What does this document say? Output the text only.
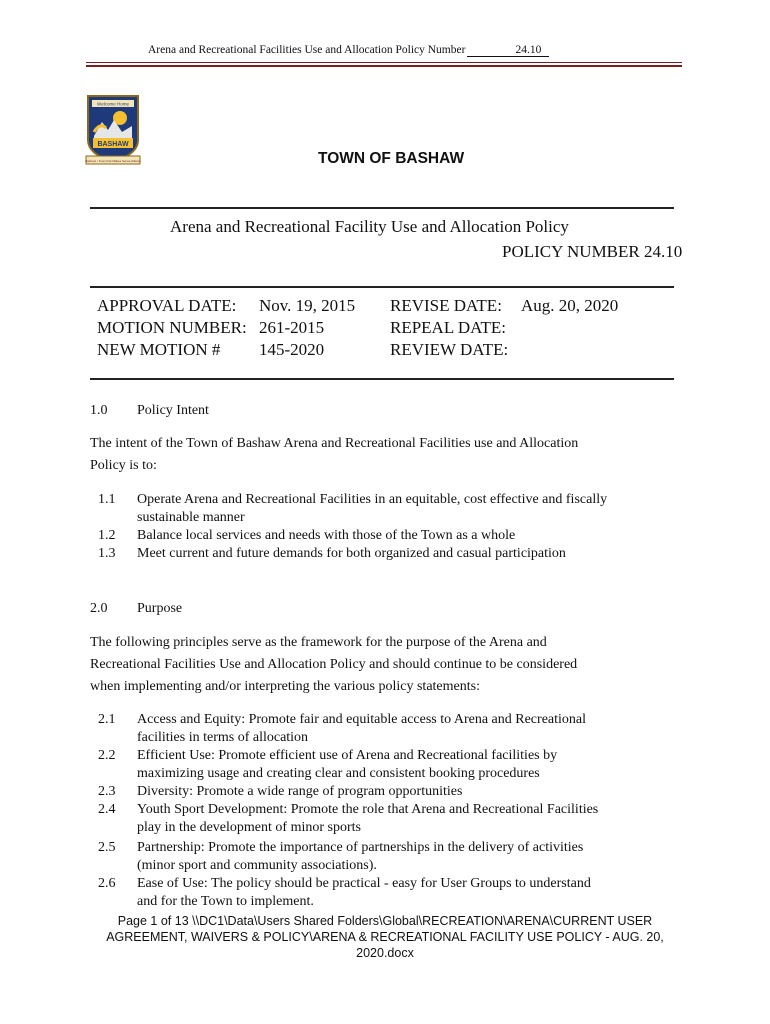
Arena and Recreational Facilities Use and Allocation Policy Number	24.10
Welcome Home
BASHAW
Bashaw • Town that Makes Sense Alberta	TOWN OF BASHAW
Arena and Recreational Facility Use and Allocation Policy
POLICY NUMBER 24.10
APPROVAL DATE: Nov. 19, 2015 REVISE DATE: Aug. 20, 2020
MOTION NUMBER: 261-2015	REPEAL DATE:
NEW MOTION # 145-2020	REVIEW DATE:
1.0 Policy Intent
The intent of the Town of Bashaw Arena and Recreational Facilities use and Allocation
Policy is to:
1.1 Operate Arena and Recreational Facilities in an equitable, cost effective and fiscally
sustainable manner
1.2 Balance local services and needs with those of the Town as a whole
1.3 Meet current and future demands for both organized and casual participation
2.0 Purpose
The following principles serve as the framework for the purpose of the Arena and
Recreational Facilities Use and Allocation Policy and should continue to be considered
when implementing and/or interpreting the various policy statements:
2.1 Access and Equity: Promote fair and equitable access to Arena and Recreational
facilities in terms of allocation
2.2 Efficient Use: Promote efficient use of Arena and Recreational facilities by
maximizing usage and creating clear and consistent booking procedures
2.3 Diversity: Promote a wide range of program opportunities
2.4 Youth Sport Development: Promote the role that Arena and Recreational Facilities
play in the development of minor sports
2.5 Partnership: Promote the importance of partnerships in the delivery of activities
(minor sport and community associations).
2.6 Ease of Use: The policy should be practical - easy for User Groups to understand
and for the Town to implement.
Page 1 of 13 \\DC1\Data\Users Shared Folders\Global\RECREATION\ARENA\CURRENT USER
AGREEMENT, WAIVERS & POLICY\ARENA & RECREATIONAL FACILITY USE POLICY - AUG. 20,
2020.docx
